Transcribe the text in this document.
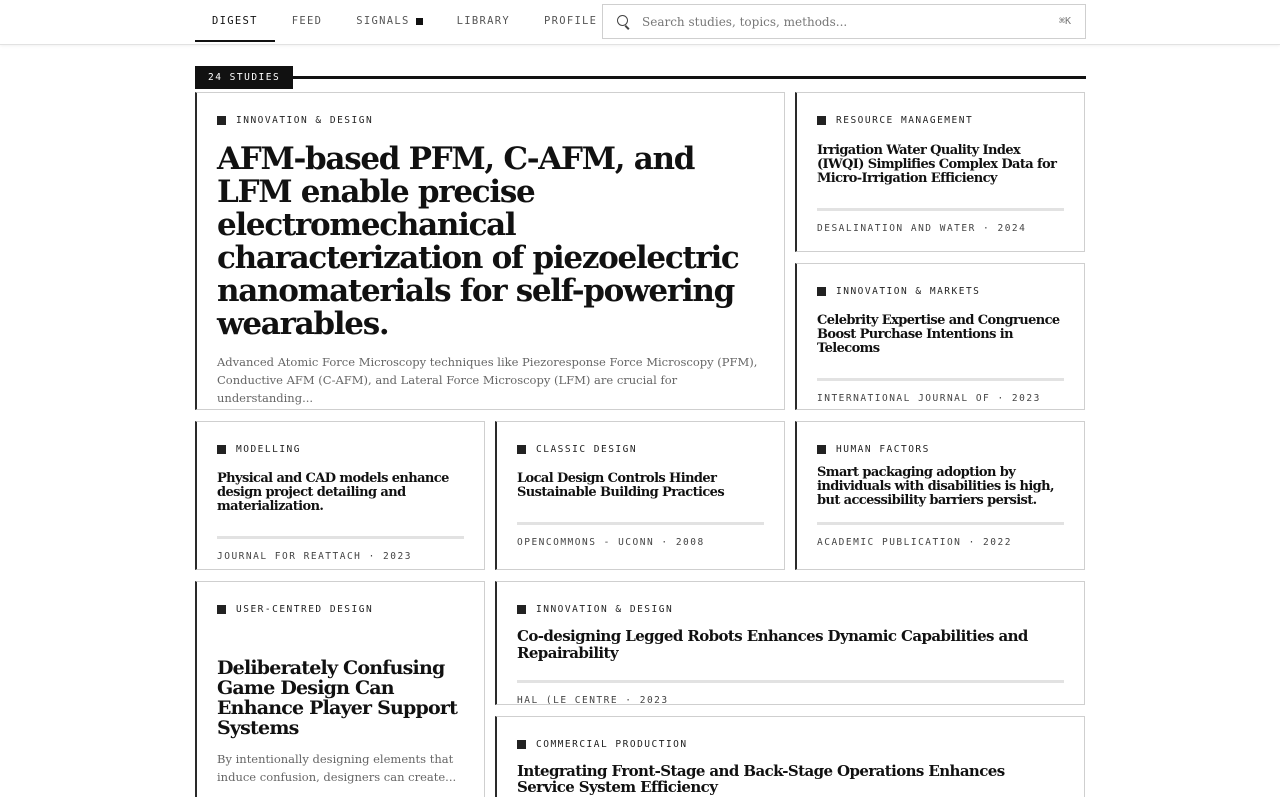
DIGEST	FEED	SIGNALS	LIBRARY	PROFILE
Search studies, topics, methods...	⌘K
24 STUDIES
INNOVATION & DESIGN
AFM-based PFM, C-AFM, and LFM enable precise electromechanical characterization of piezoelectric nanomaterials for self-powering wearables.

Advanced Atomic Force Microscopy techniques like Piezoresponse Force Microscopy (PFM), Conductive AFM (C-AFM), and Lateral Force Microscopy (LFM) are crucial for understanding...

RESOURCE MANAGEMENT
Irrigation Water Quality Index (IWQI) Simplifies Complex Data for Micro-Irrigation Efficiency
DESALINATION AND WATER · 2024
INNOVATION & MARKETS
Celebrity Expertise and Congruence Boost Purchase Intentions in Telecoms
INTERNATIONAL JOURNAL OF · 2023
MODELLING
Physical and CAD models enhance design project detailing and materialization.
JOURNAL FOR REATTACH · 2023
CLASSIC DESIGN
Local Design Controls Hinder Sustainable Building Practices
OPENCOMMONS - UCONN · 2008
HUMAN FACTORS
Smart packaging adoption by individuals with disabilities is high, but accessibility barriers persist.
ACADEMIC PUBLICATION · 2022
USER-CENTRED DESIGN
Deliberately Confusing Game Design Can Enhance Player Support Systems

By intentionally designing elements that induce confusion, designers can create...

INNOVATION & DESIGN
Co-designing Legged Robots Enhances Dynamic Capabilities and Repairability
HAL (LE CENTRE · 2023
COMMERCIAL PRODUCTION
Integrating Front-Stage and Back-Stage Operations Enhances Service System Efficiency
